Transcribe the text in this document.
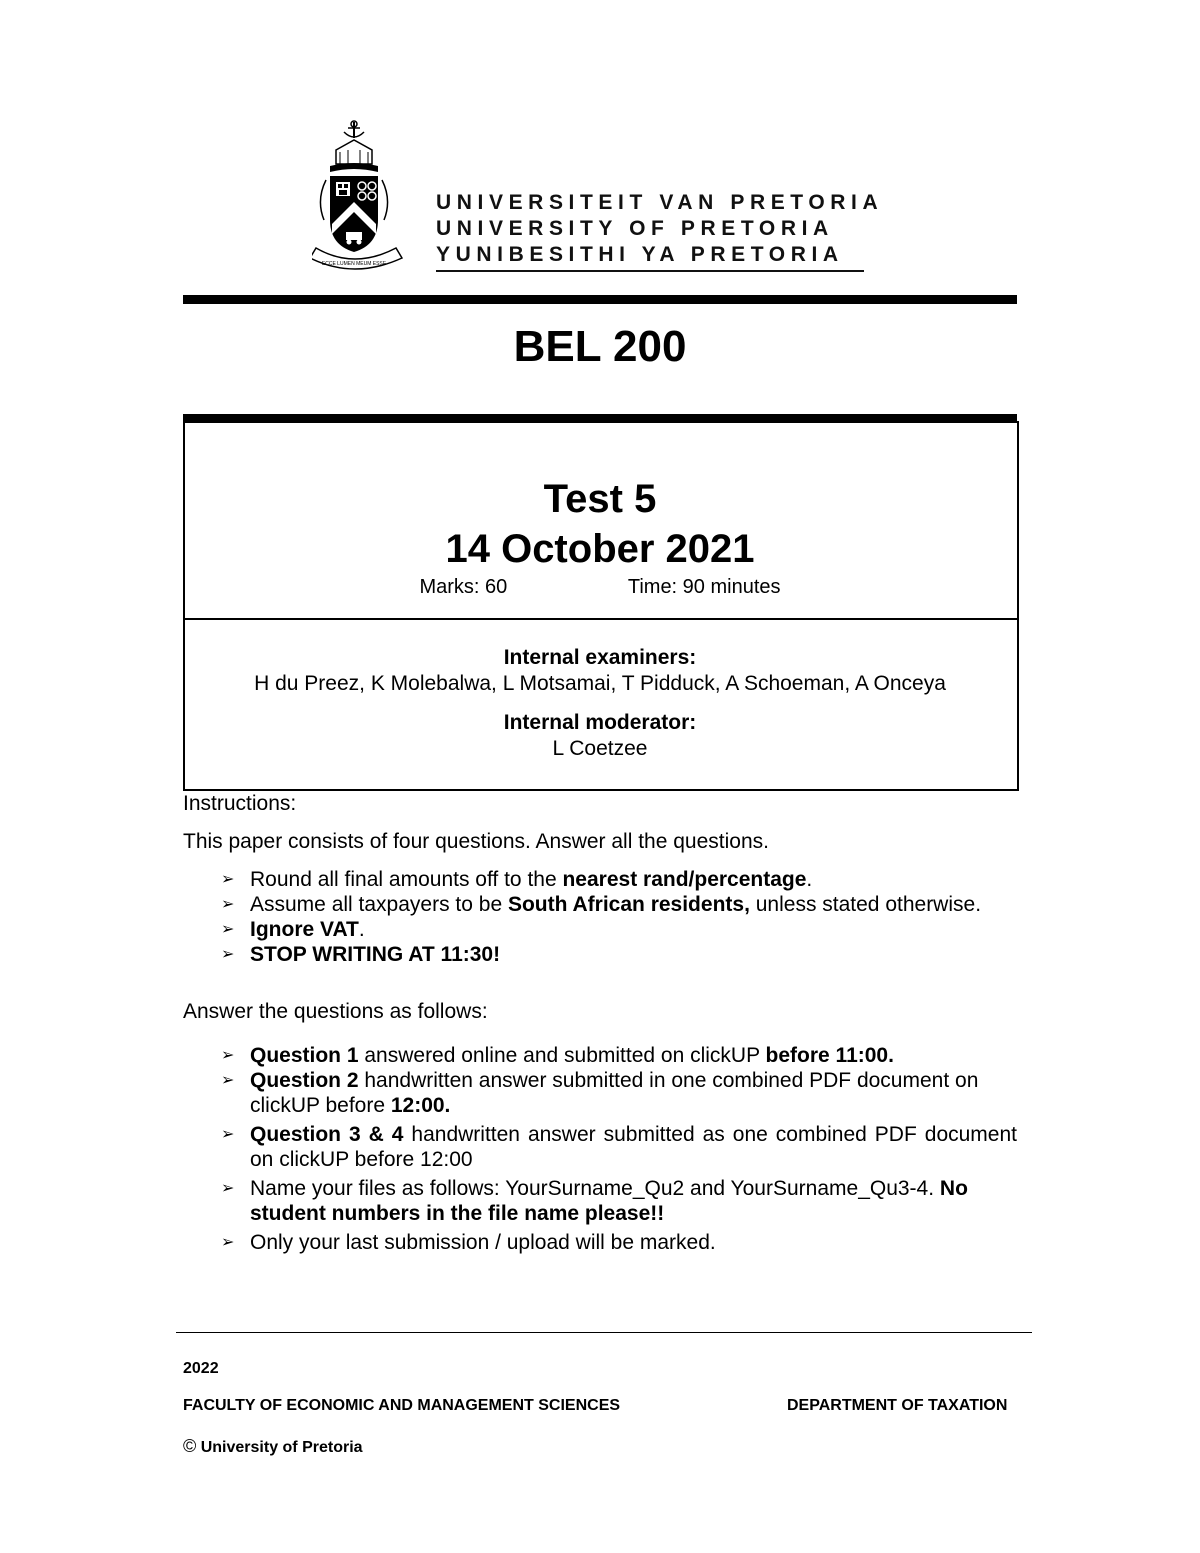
ECCE LUMEN MEUM ESSE
UNIVERSITEIT VAN PRETORIA
UNIVERSITY OF PRETORIA
YUNIBESITHI YA PRETORIA
BEL 200
Test 5
14 October 2021
Marks: 60	Time: 90 minutes
Internal examiners:
H du Preez, K Molebalwa, L Motsamai, T Pidduck, A Schoeman, A Onceya
Internal moderator:
L Coetzee
Instructions:
This paper consists of four questions. Answer all the questions.
➢ Round all final amounts off to the nearest rand/percentage.
➢ Assume all taxpayers to be South African residents, unless stated otherwise.
➢ Ignore VAT.
➢ STOP WRITING AT 11:30!
Answer the questions as follows:
➢ Question 1 answered online and submitted on clickUP before 11:00.
➢ Question 2 handwritten answer submitted in one combined PDF document on clickUP before 12:00.
➢ Question 3 & 4 handwritten answer submitted as one combined PDF document on clickUP before 12:00
➢ Name your files as follows: YourSurname_Qu2 and YourSurname_Qu3-4. No student numbers in the file name please!!
➢ Only your last submission / upload will be marked.
2022
FACULTY OF ECONOMIC AND MANAGEMENT SCIENCES	DEPARTMENT OF TAXATION
© University of Pretoria
